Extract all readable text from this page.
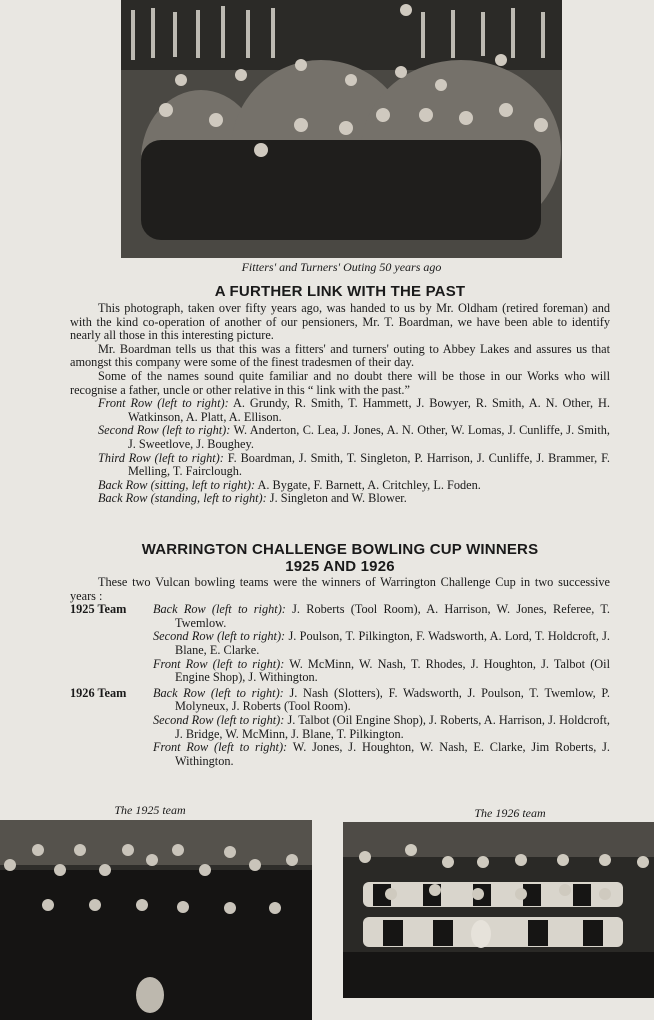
Fitters' and Turners' Outing 50 years ago
A FURTHER LINK WITH THE PAST
This photograph, taken over fifty years ago, was handed to us by Mr. Oldham (retired foreman) and with the kind co-operation of another of our pensioners, Mr. T. Boardman, we have been able to identify nearly all those in this interesting picture.
Mr. Boardman tells us that this was a fitters' and turners' outing to Abbey Lakes and assures us that amongst this company were some of the finest tradesmen of their day.
Some of the names sound quite familiar and no doubt there will be those in our Works who will recognise a father, uncle or other relative in this “ link with the past.”
Front Row (left to right): A. Grundy, R. Smith, T. Hammett, J. Bowyer, R. Smith, A. N. Other, H. Watkinson, A. Platt, A. Ellison.
Second Row (left to right): W. Anderton, C. Lea, J. Jones, A. N. Other, W. Lomas, J. Cunliffe, J. Smith, J. Sweetlove, J. Boughey.
Third Row (left to right): F. Boardman, J. Smith, T. Singleton, P. Harrison, J. Cunliffe, J. Brammer, F. Melling, T. Fairclough.
Back Row (sitting, left to right): A. Bygate, F. Barnett, A. Critchley, L. Foden.
Back Row (standing, left to right): J. Singleton and W. Blower.
WARRINGTON CHALLENGE BOWLING CUP WINNERS
1925 AND 1926
These two Vulcan bowling teams were the winners of Warrington Challenge Cup in two successive years :
1925 Team	Back Row (left to right): J. Roberts (Tool Room), A. Harrison, W. Jones, Referee, T. Twemlow.
Second Row (left to right): J. Poulson, T. Pilkington, F. Wadsworth, A. Lord, T. Holdcroft, J. Blane, E. Clarke.
Front Row (left to right): W. McMinn, W. Nash, T. Rhodes, J. Houghton, J. Talbot (Oil Engine Shop), J. Withington.
1926 Team	Back Row (left to right): J. Nash (Slotters), F. Wadsworth, J. Poulson, T. Twemlow, P. Molyneux, J. Roberts (Tool Room).
Second Row (left to right): J. Talbot (Oil Engine Shop), J. Roberts, A. Harrison, J. Holdcroft, J. Bridge, W. McMinn, J. Blane, T. Pilkington.
Front Row (left to right): W. Jones, J. Houghton, W. Nash, E. Clarke, Jim Roberts, J. Withington.
The 1925 team	The 1926 team
